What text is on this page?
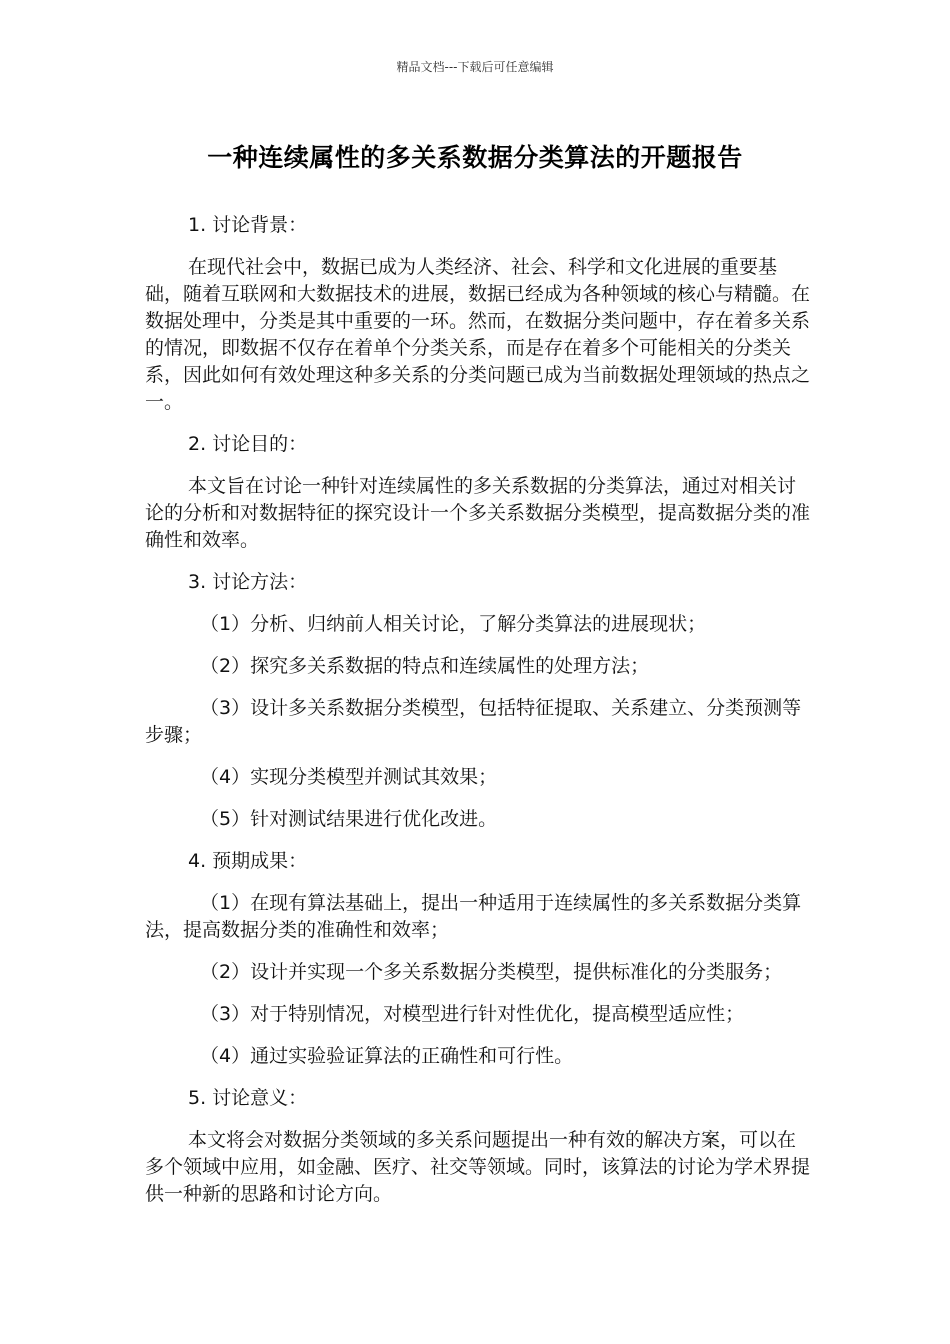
精品文档---下载后可任意编辑
一种连续属性的多关系数据分类算法的开题报告

1. 讨论背景：

在现代社会中，数据已成为人类经济、社会、科学和文化进展的重要基础，随着互联网和大数据技术的进展，数据已经成为各种领域的核心与精髓。在数据处理中，分类是其中重要的一环。然而，在数据分类问题中，存在着多关系的情况，即数据不仅存在着单个分类关系，而是存在着多个可能相关的分类关系，因此如何有效处理这种多关系的分类问题已成为当前数据处理领域的热点之一。

2. 讨论目的：

本文旨在讨论一种针对连续属性的多关系数据的分类算法，通过对相关讨论的分析和对数据特征的探究设计一个多关系数据分类模型，提高数据分类的准确性和效率。

3. 讨论方法：

（1）分析、归纳前人相关讨论，了解分类算法的进展现状；

（2）探究多关系数据的特点和连续属性的处理方法；

（3）设计多关系数据分类模型，包括特征提取、关系建立、分类预测等步骤；

（4）实现分类模型并测试其效果；

（5）针对测试结果进行优化改进。

4. 预期成果：

（1）在现有算法基础上，提出一种适用于连续属性的多关系数据分类算法，提高数据分类的准确性和效率；

（2）设计并实现一个多关系数据分类模型，提供标准化的分类服务；

（3）对于特别情况，对模型进行针对性优化，提高模型适应性；

（4）通过实验验证算法的正确性和可行性。

5. 讨论意义：

本文将会对数据分类领域的多关系问题提出一种有效的解决方案，可以在多个领域中应用，如金融、医疗、社交等领域。同时，该算法的讨论为学术界提供一种新的思路和讨论方向。
